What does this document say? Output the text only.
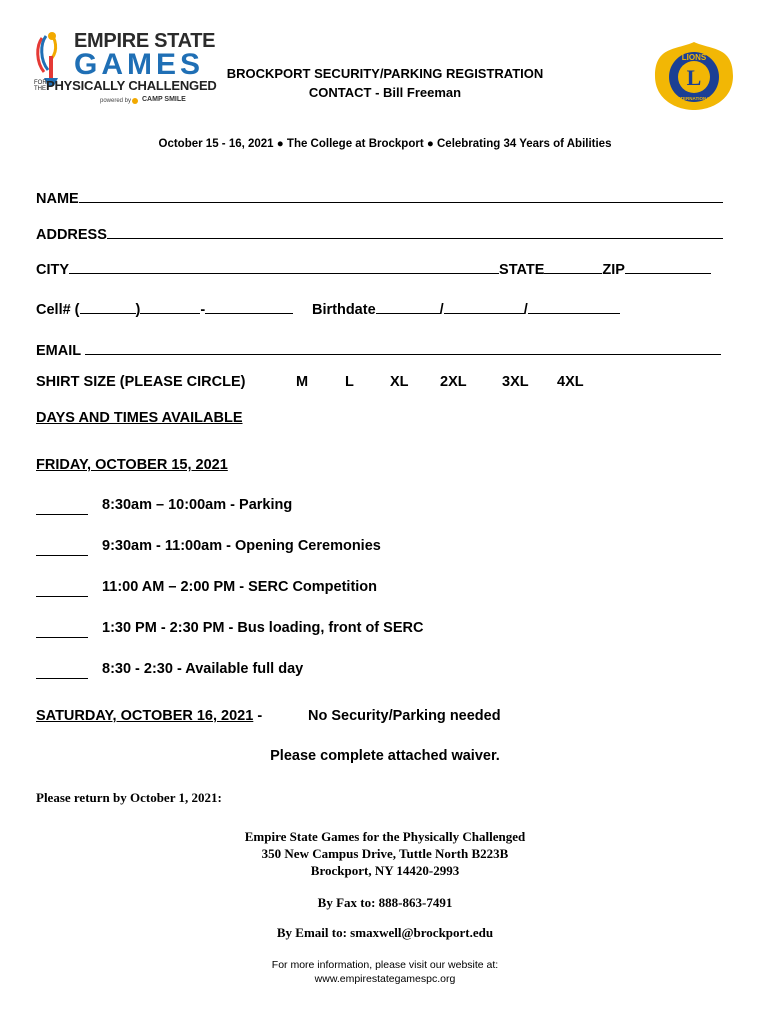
EMPIRE STATE
GAMES
FOR THE PHYSICALLY CHALLENGED
powered by CAMP SMILE
L
LIONS
INTERNATIONAL
BROCKPORT SECURITY/PARKING REGISTRATION
CONTACT - Bill Freeman
October 15 - 16, 2021 ● The College at Brockport ● Celebrating 34 Years of Abilities
NAME
ADDRESS
CITY	STATE	ZIP
Cell# (	)	-	Birthdate	/	/
EMAIL
SHIRT SIZE (PLEASE CIRCLE)	M	L XL 2XL 3XL 4XL
DAYS AND TIMES AVAILABLE
FRIDAY, OCTOBER 15, 2021
8:30am – 10:00am - Parking
9:30am - 11:00am - Opening Ceremonies
11:00 AM – 2:00 PM - SERC Competition
1:30 PM - 2:30 PM - Bus loading, front of SERC
8:30 - 2:30 - Available full day
SATURDAY, OCTOBER 16, 2021 -	No Security/Parking needed
Please complete attached waiver.
Please return by October 1, 2021:
Empire State Games for the Physically Challenged
350 New Campus Drive, Tuttle North B223B
Brockport, NY 14420-2993
By Fax to: 888-863-7491
By Email to: smaxwell@brockport.edu
For more information, please visit our website at:
www.empirestategamespc.org
